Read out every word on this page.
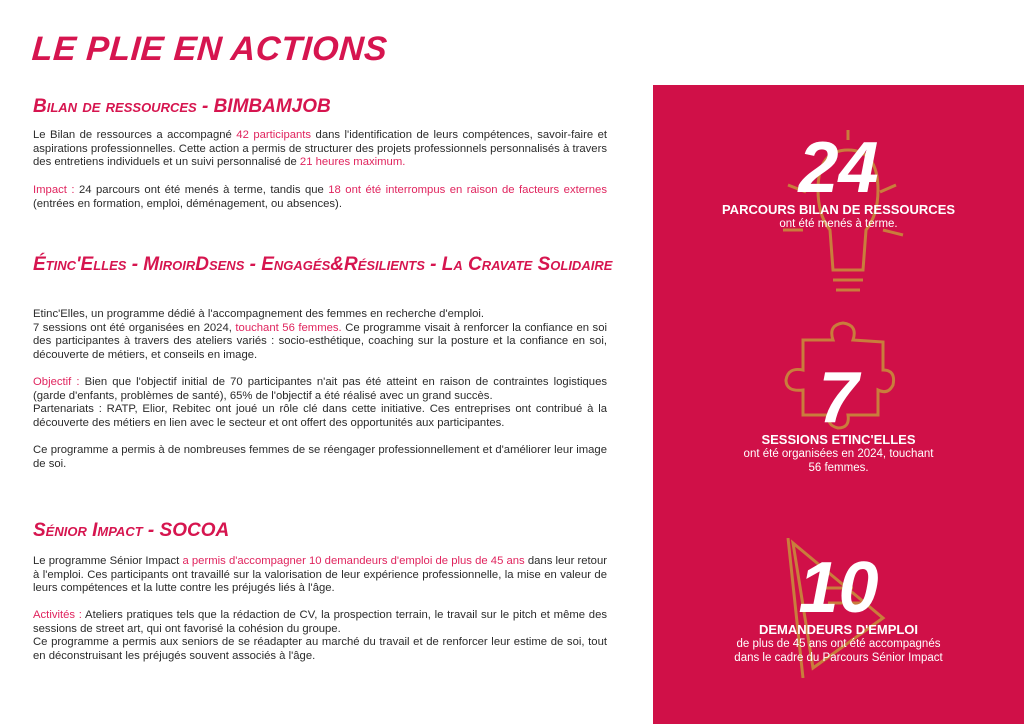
LE PLIE EN ACTIONS
Bilan de ressources - BIMBAMJOB
Le Bilan de ressources a accompagné 42 participants dans l'identification de leurs compétences, savoir-faire et aspirations professionnelles. Cette action a permis de structurer des projets professionnels personnalisés à travers des entretiens individuels et un suivi personnalisé de 21 heures maximum.
Impact : 24 parcours ont été menés à terme, tandis que 18 ont été interrompus en raison de facteurs externes (entrées en formation, emploi, déménagement, ou absences).
Étinc'Elles - MiroirDsens - Engagés&Résilients - La Cravate Solidaire
Etinc'Elles, un programme dédié à l'accompagnement des femmes en recherche d'emploi.
7 sessions ont été organisées en 2024, touchant 56 femmes. Ce programme visait à renforcer la confiance en soi des participantes à travers des ateliers variés : socio-esthétique, coaching sur la posture et la confiance en soi, découverte de métiers, et conseils en image.
Objectif : Bien que l'objectif initial de 70 participantes n'ait pas été atteint en raison de contraintes logistiques (garde d'enfants, problèmes de santé), 65% de l'objectif a été réalisé avec un grand succès.
Partenariats : RATP, Elior, Rebitec ont joué un rôle clé dans cette initiative. Ces entreprises ont contribué à la découverte des métiers en lien avec le secteur et ont offert des opportunités aux participantes.
Ce programme a permis à de nombreuses femmes de se réengager professionnellement et d'améliorer leur image de soi.
Sénior Impact - SOCOA
Le programme Sénior Impact a permis d'accompagner 10 demandeurs d'emploi de plus de 45 ans dans leur retour à l'emploi. Ces participants ont travaillé sur la valorisation de leur expérience professionnelle, la mise en valeur de leurs compétences et la lutte contre les préjugés liés à l'âge.
Activités : Ateliers pratiques tels que la rédaction de CV, la prospection terrain, le travail sur le pitch et même des sessions de street art, qui ont favorisé la cohésion du groupe.
Ce programme a permis aux seniors de se réadapter au marché du travail et de renforcer leur estime de soi, tout en déconstruisant les préjugés souvent associés à l'âge.
24
PARCOURS BILAN DE RESSOURCES
ont été menés à terme.
7
SESSIONS ETINC'ELLES
ont été organisées en 2024, touchant
56 femmes.
10
DEMANDEURS D'EMPLOI
de plus de 45 ans ont été accompagnés
dans le cadre du Parcours Sénior Impact
